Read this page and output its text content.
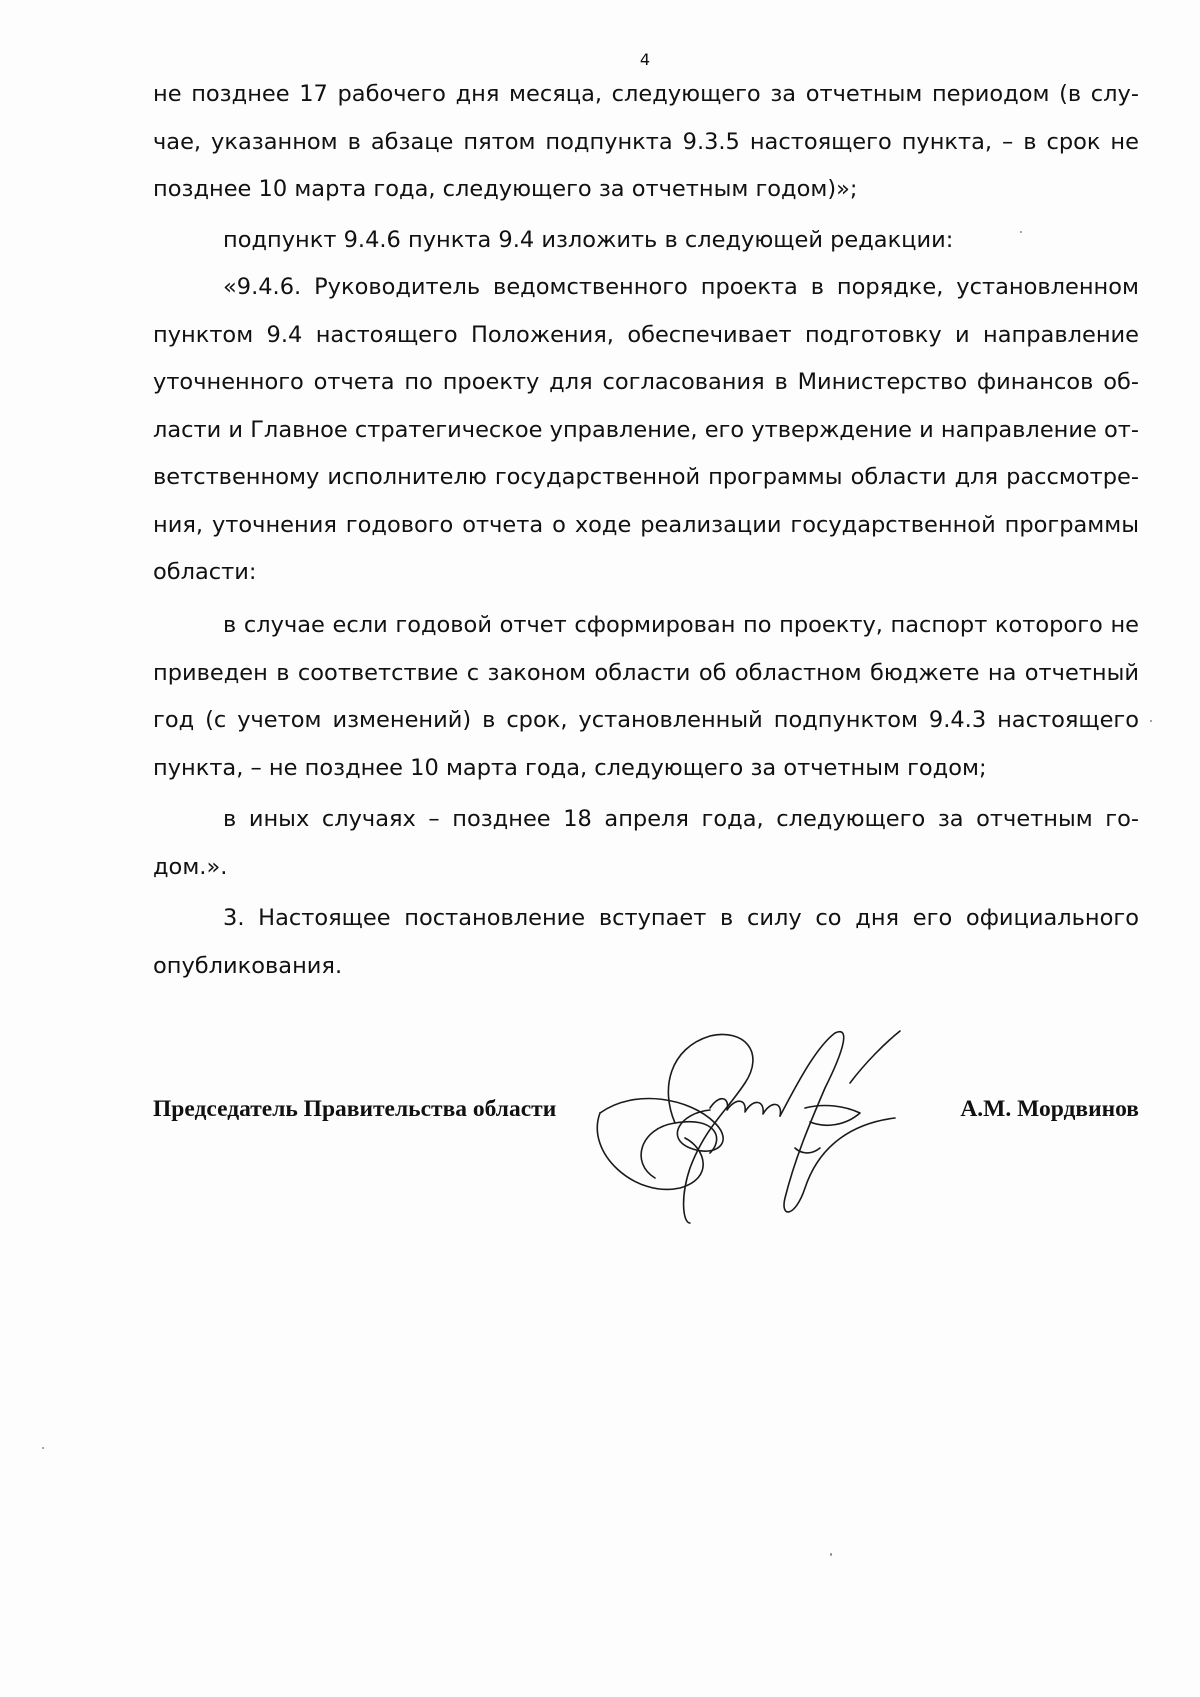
4
не позднее 17 рабочего дня месяца, следующего за отчетным периодом (в слу-
чае, указанном в абзаце пятом подпункта 9.3.5 настоящего пункта, – в срок не
позднее 10 марта года, следующего за отчетным годом)»;
подпункт 9.4.6 пункта 9.4 изложить в следующей редакции:
«9.4.6. Руководитель ведомственного проекта в порядке, установленном
пунктом 9.4 настоящего Положения, обеспечивает подготовку и направление
уточненного отчета по проекту для согласования в Министерство финансов об-
ласти и Главное стратегическое управление, его утверждение и направление от-
ветственному исполнителю государственной программы области для рассмотре-
ния, уточнения годового отчета о ходе реализации государственной программы
области:
в случае если годовой отчет сформирован по проекту, паспорт которого не
приведен в соответствие с законом области об областном бюджете на отчетный
год (с учетом изменений) в срок, установленный подпунктом 9.4.3 настоящего
пункта, – не позднее 10 марта года, следующего за отчетным годом;
в иных случаях – позднее 18 апреля года, следующего за отчетным го-
дом.».
3. Настоящее постановление вступает в силу со дня его официального
опубликования.
Председатель Правительства области	А.М. Мордвинов
